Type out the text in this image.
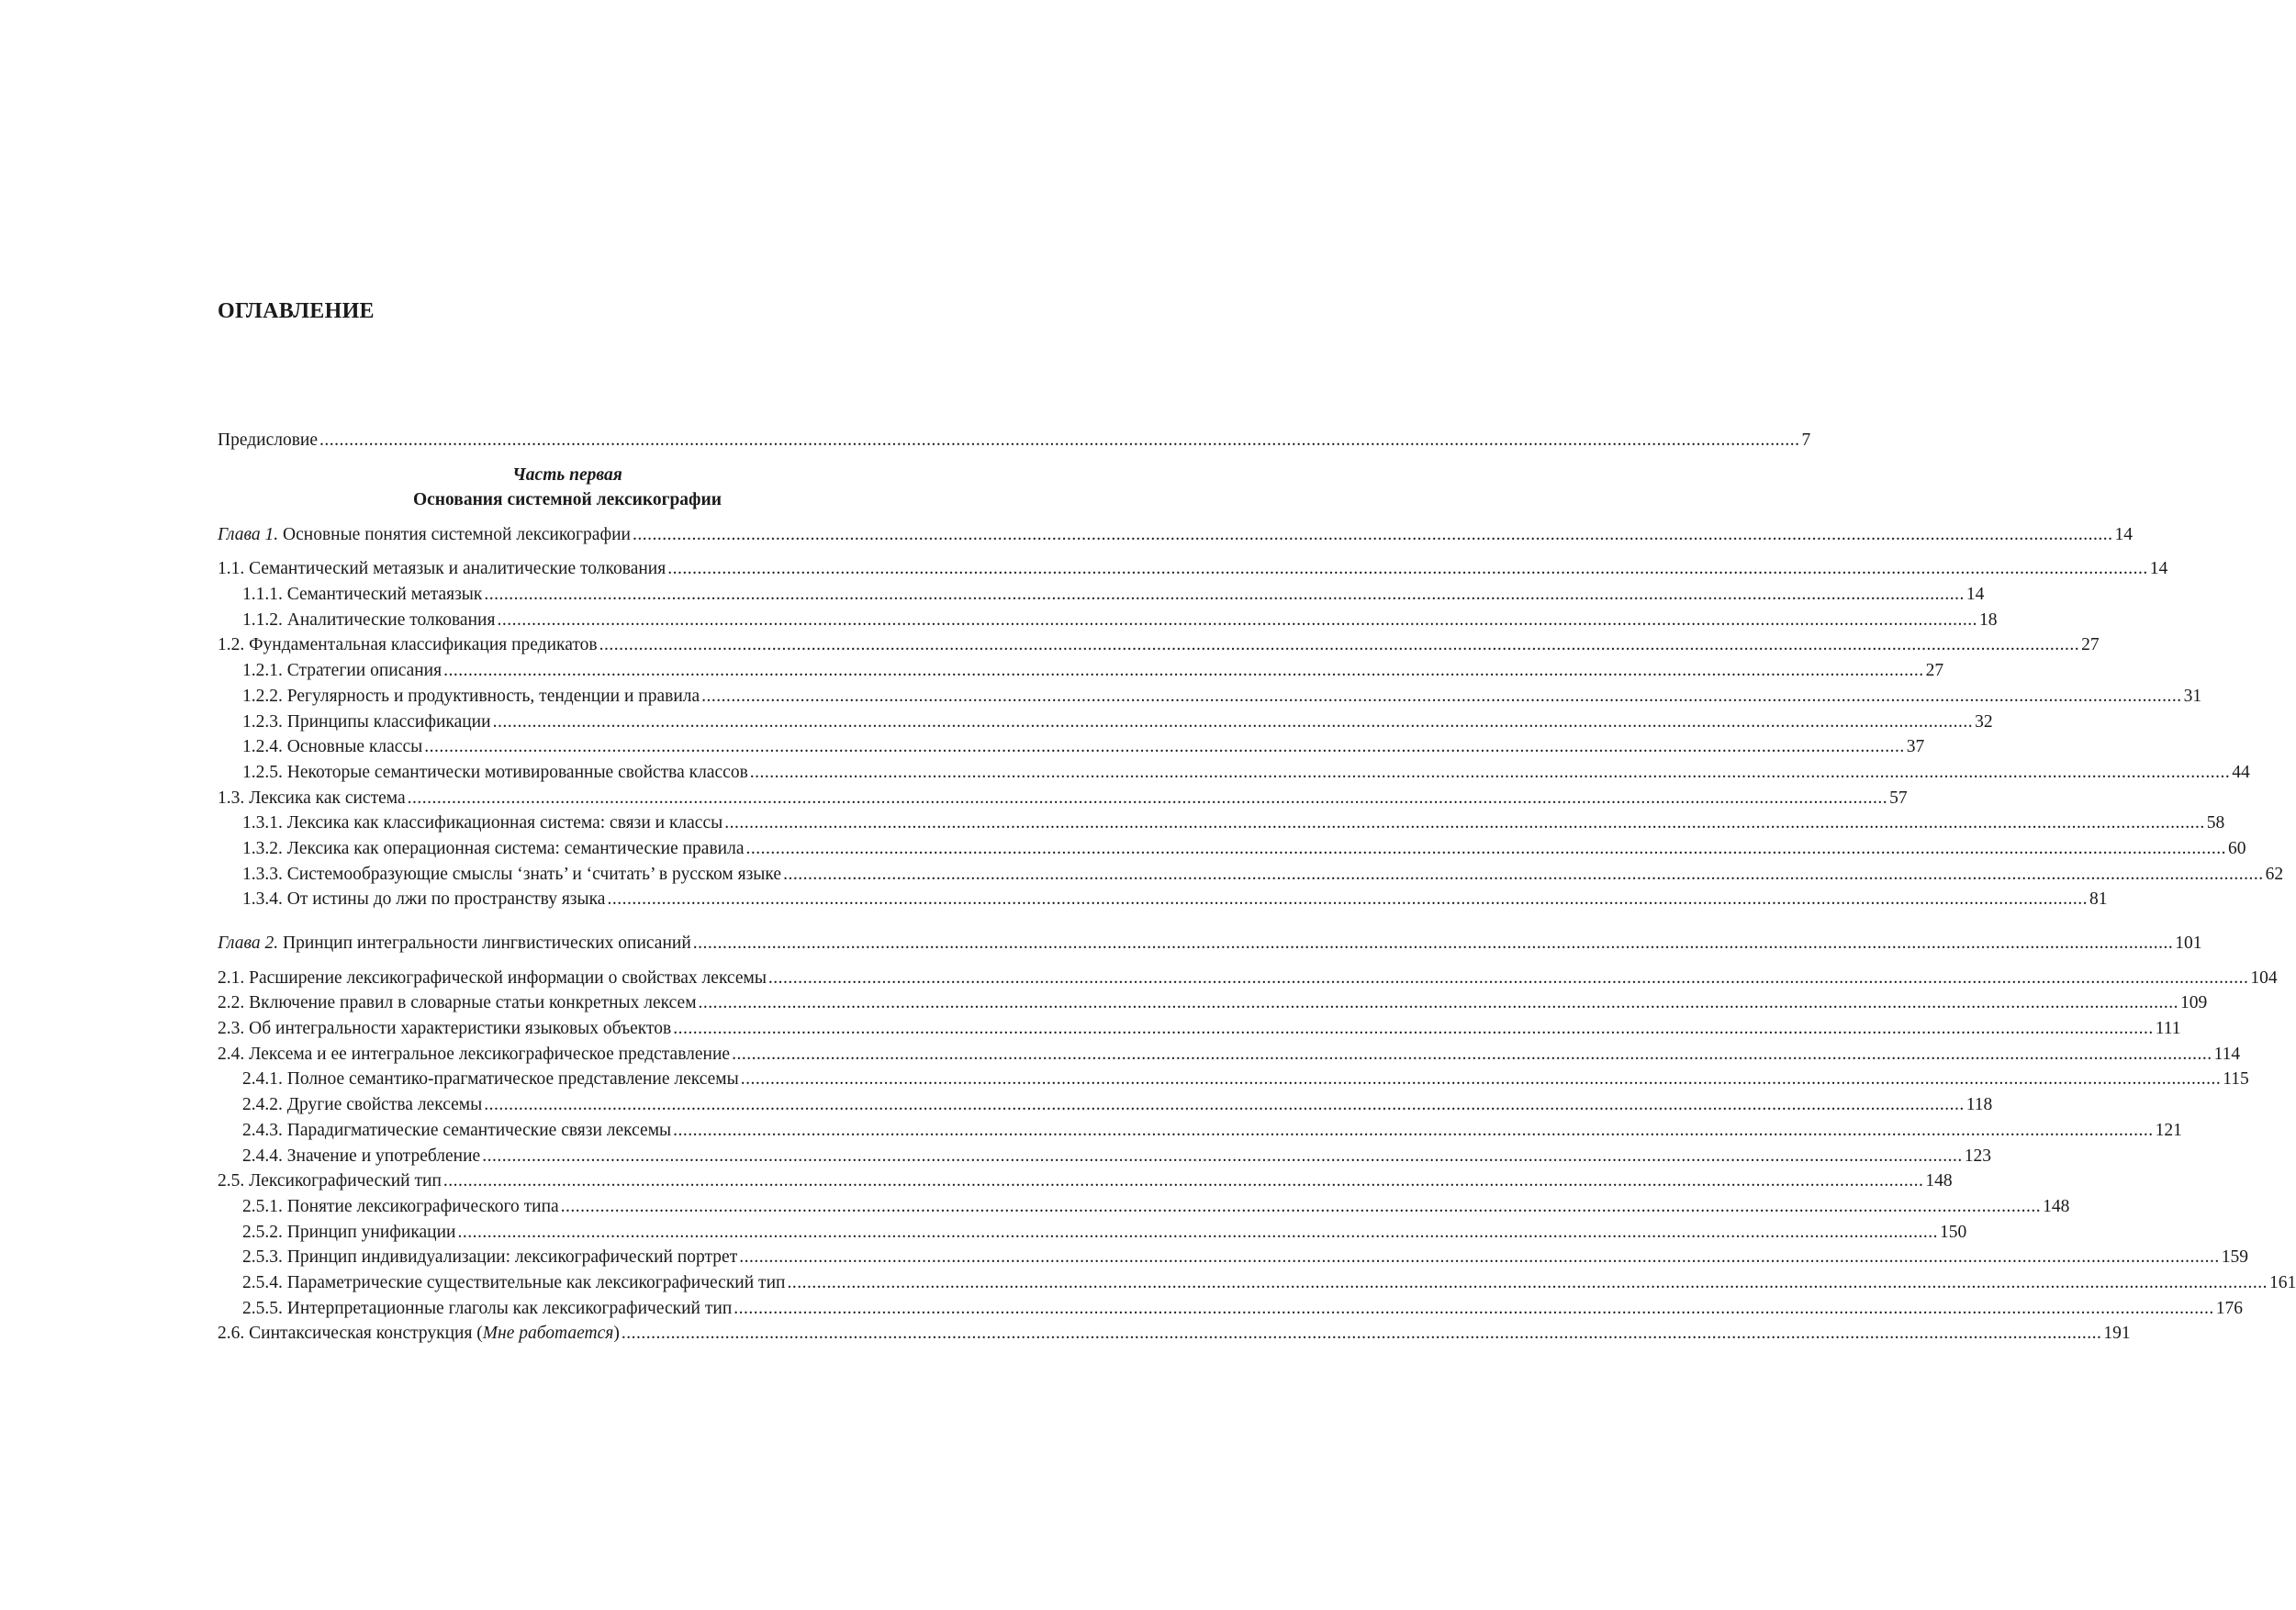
ОГЛАВЛЕНИЕ
Предисловие ............................................................................................................................................................................................................................................................................................................ 7
Часть первая
Основания системной лексикографии
Глава 1. Основные понятия системной лексикографии ............................................................................................................................................................................................................................................................................................................ 14
1.1. Семантический метаязык и аналитические толкования ............................................................................................................................................................................................................................................................................................................ 14
1.1.1. Семантический метаязык ............................................................................................................................................................................................................................................................................................................ 14
1.1.2. Аналитические толкования ............................................................................................................................................................................................................................................................................................................ 18
1.2. Фундаментальная классификация предикатов ............................................................................................................................................................................................................................................................................................................ 27
1.2.1. Стратегии описания ............................................................................................................................................................................................................................................................................................................ 27
1.2.2. Регулярность и продуктивность, тенденции и правила ............................................................................................................................................................................................................................................................................................................ 31
1.2.3. Принципы классификации ............................................................................................................................................................................................................................................................................................................ 32
1.2.4. Основные классы ............................................................................................................................................................................................................................................................................................................ 37
1.2.5. Некоторые семантически мотивированные свойства классов ............................................................................................................................................................................................................................................................................................................ 44
1.3. Лексика как система ............................................................................................................................................................................................................................................................................................................ 57
1.3.1. Лексика как классификационная система: связи и классы ............................................................................................................................................................................................................................................................................................................ 58
1.3.2. Лексика как операционная система: семантические правила ............................................................................................................................................................................................................................................................................................................ 60
1.3.3. Системообразующие смыслы ‘знать’ и ‘считать’ в русском языке ............................................................................................................................................................................................................................................................................................................ 62
1.3.4. От истины до лжи по пространству языка ............................................................................................................................................................................................................................................................................................................ 81
Глава 2. Принцип интегральности лингвистических описаний ............................................................................................................................................................................................................................................................................................................ 101
2.1. Расширение лексикографической информации о свойствах лексемы ............................................................................................................................................................................................................................................................................................................ 104
2.2. Включение правил в словарные статьи конкретных лексем ............................................................................................................................................................................................................................................................................................................ 109
2.3. Об интегральности характеристики языковых объектов ............................................................................................................................................................................................................................................................................................................ 111
2.4. Лексема и ее интегральное лексикографическое представление ............................................................................................................................................................................................................................................................................................................ 114
2.4.1. Полное семантико-прагматическое представление лексемы ............................................................................................................................................................................................................................................................................................................ 115
2.4.2. Другие свойства лексемы ............................................................................................................................................................................................................................................................................................................ 118
2.4.3. Парадигматические семантические связи лексемы ............................................................................................................................................................................................................................................................................................................ 121
2.4.4. Значение и употребление ............................................................................................................................................................................................................................................................................................................ 123
2.5. Лексикографический тип ............................................................................................................................................................................................................................................................................................................ 148
2.5.1. Понятие лексикографического типа ............................................................................................................................................................................................................................................................................................................ 148
2.5.2. Принцип унификации ............................................................................................................................................................................................................................................................................................................ 150
2.5.3. Принцип индивидуализации: лексикографический портрет ............................................................................................................................................................................................................................................................................................................ 159
2.5.4. Параметрические существительные как лексикографический тип ............................................................................................................................................................................................................................................................................................................ 161
2.5.5. Интерпретационные глаголы как лексикографический тип ............................................................................................................................................................................................................................................................................................................ 176
2.6. Синтаксическая конструкция (Мне работается) ............................................................................................................................................................................................................................................................................................................ 191
